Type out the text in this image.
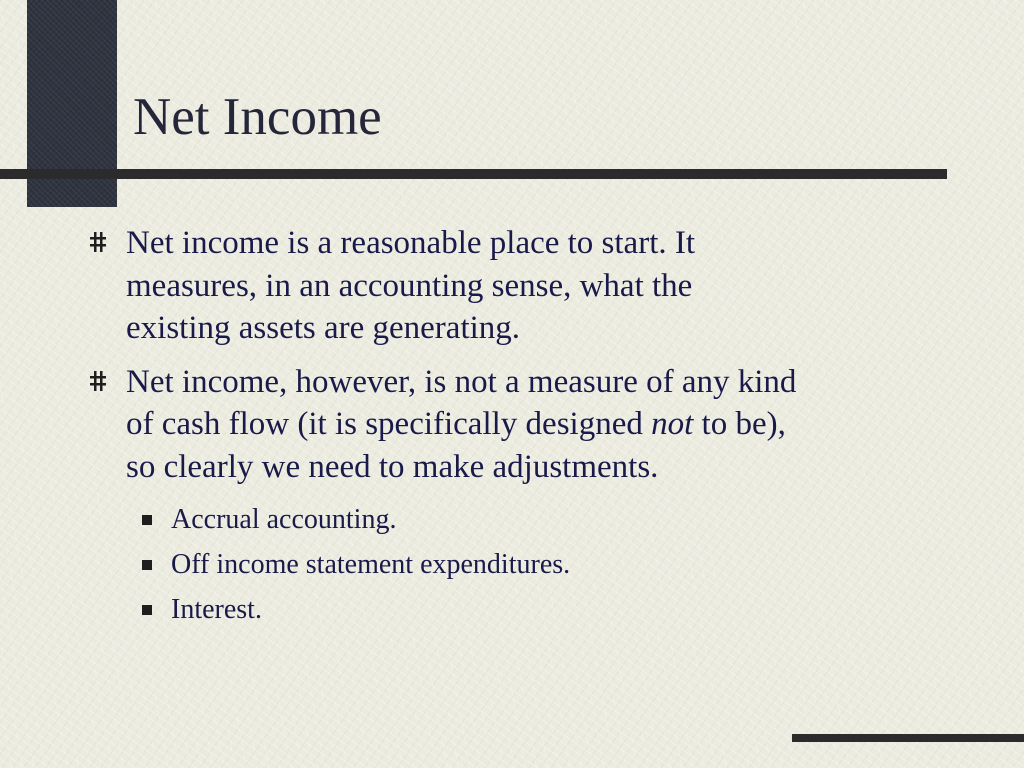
Net Income
Net income is a reasonable place to start. It
measures, in an accounting sense, what the
existing assets are generating.
Net income, however, is not a measure of any kind
of cash flow (it is specifically designed not to be),
so clearly we need to make adjustments.
Accrual accounting.
Off income statement expenditures.
Interest.
